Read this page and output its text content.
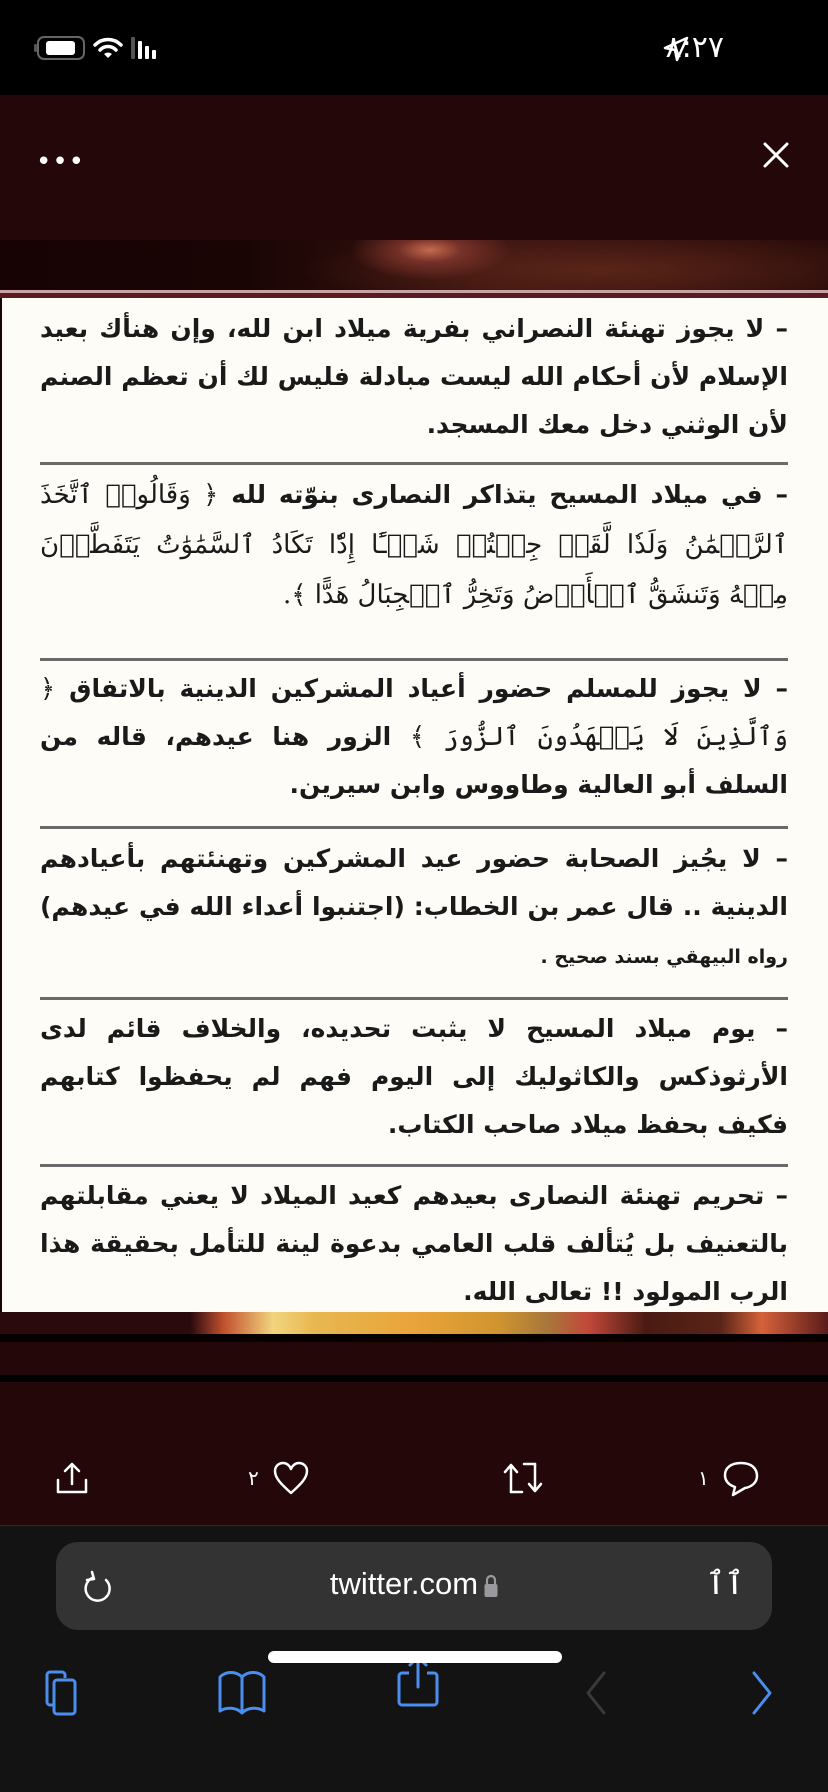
٨:٢٧
•••
– لا يجوز تهنئة النصراني بفرية ميلاد ابن لله، وإن هنأك بعيد الإسلام لأن أحكام الله ليست مبادلة فليس لك أن تعظم الصنم لأن الوثني دخل معك المسجد.
– في ميلاد المسيح يتذاكر النصارى بنوّته لله ﴿ وَقَالُوا۟ ٱتَّخَذَ ٱلرَّحۡمَٰنُ وَلَدٗا لَّقَدۡ جِئۡتُمۡ شَيۡـًٔا إِدّٗا تَكَادُ ٱلسَّمَٰوَٰتُ يَتَفَطَّرۡنَ مِنۡهُ وَتَنشَقُّ ٱلۡأَرۡضُ وَتَخِرُّ ٱلۡجِبَالُ هَدًّا ﴾.
– لا يجوز للمسلم حضور أعياد المشركين الدينية بالاتفاق ﴿ وَٱلَّذِينَ لَا يَشۡهَدُونَ ٱلزُّورَ ﴾ الزور هنا عيدهم، قاله من السلف أبو العالية وطاووس وابن سيرين.
– لا يجُيز الصحابة حضور عيد المشركين وتهنئتهم بأعيادهم الدينية .. قال عمر بن الخطاب: (اجتنبوا أعداء الله في عيدهم) رواه البيهقي بسند صحيح .
– يوم ميلاد المسيح لا يثبت تحديده، والخلاف قائم لدى الأرثوذكس والكاثوليك إلى اليوم فهم لم يحفظوا كتابهم فكيف بحفظ ميلاد صاحب الكتاب.
– تحريم تهنئة النصارى بعيدهم كعيد الميلاد لا يعني مقابلتهم بالتعنيف بل يُتألف قلب العامي بدعوة لينة للتأمل بحقيقة هذا الرب المولود !! تعالى الله.
٢	١
twitter.com	ٱٱ
